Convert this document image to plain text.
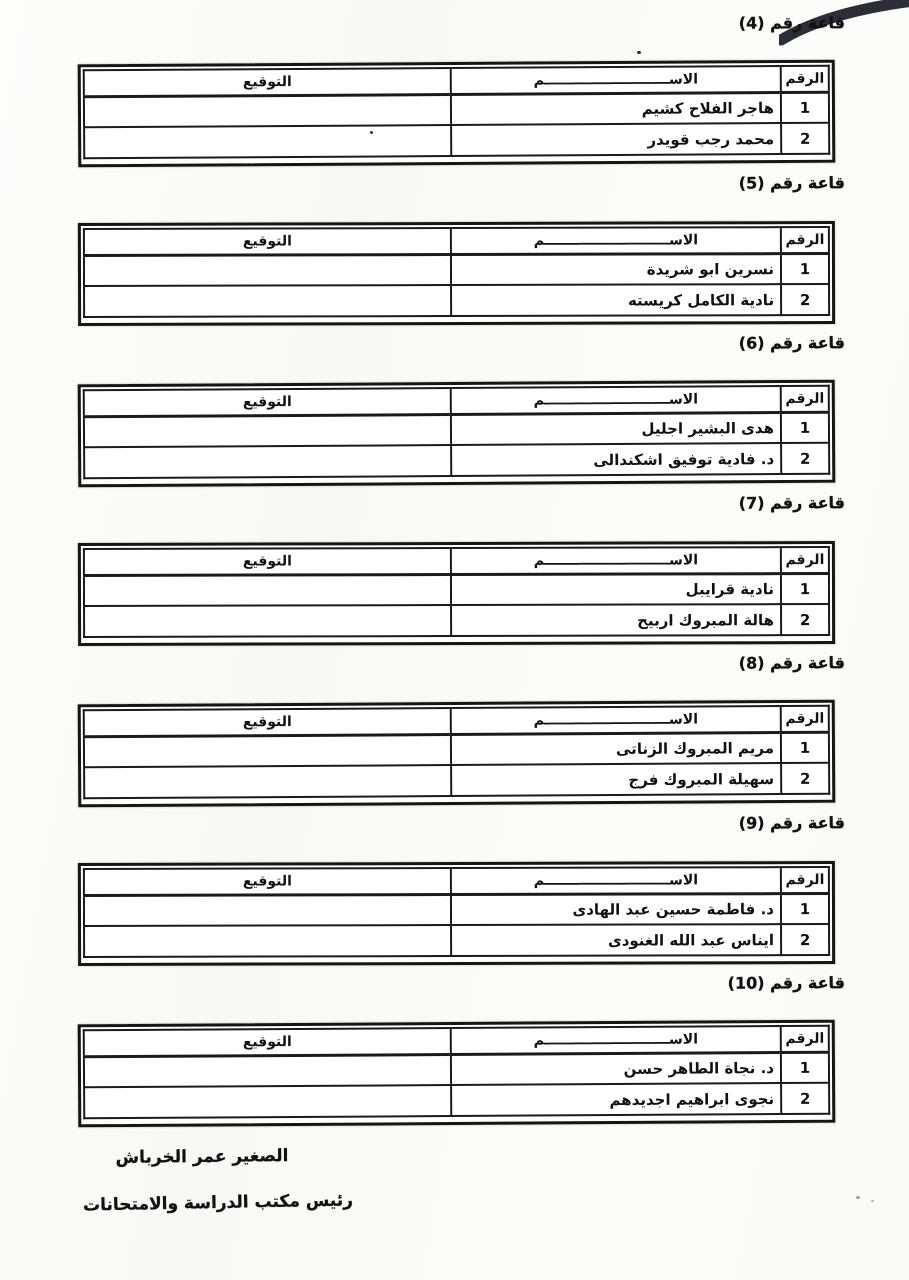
قاعة رقم (4)
الرقم	الاســــــــــــــــــــــــــم	التوقيع
1	هاجر الفلاح كشيم	
2	محمد رجب قويدر	
قاعة رقم (5)
الرقم	الاســــــــــــــــــــــــــم	التوقيع
1	نسرين ابو شريدة	
2	نادية الكامل كريسته	
قاعة رقم (6)
الرقم	الاســــــــــــــــــــــــــم	التوقيع
1	هدى البشير اجليل	
2	د. فادية توفيق اشكندالى	
قاعة رقم (7)
الرقم	الاســــــــــــــــــــــــــم	التوقيع
1	نادية قرايبل	
2	هالة المبروك اربيح	
قاعة رقم (8)
الرقم	الاســــــــــــــــــــــــــم	التوقيع
1	مريم المبروك الزناتى	
2	سهيلة المبروك فرج	
قاعة رقم (9)
الرقم	الاســــــــــــــــــــــــــم	التوقيع
1	د. فاطمة حسين عبد الهادى	
2	ايناس عبد الله الغنودى	
قاعة رقم (10)
الرقم	الاســــــــــــــــــــــــــم	التوقيع
1	د. نجاة الطاهر حسن	
2	نجوى ابراهيم اجديدهم	
الصغير عمر الخرباش
رئيس مكتب الدراسة والامتحانات
